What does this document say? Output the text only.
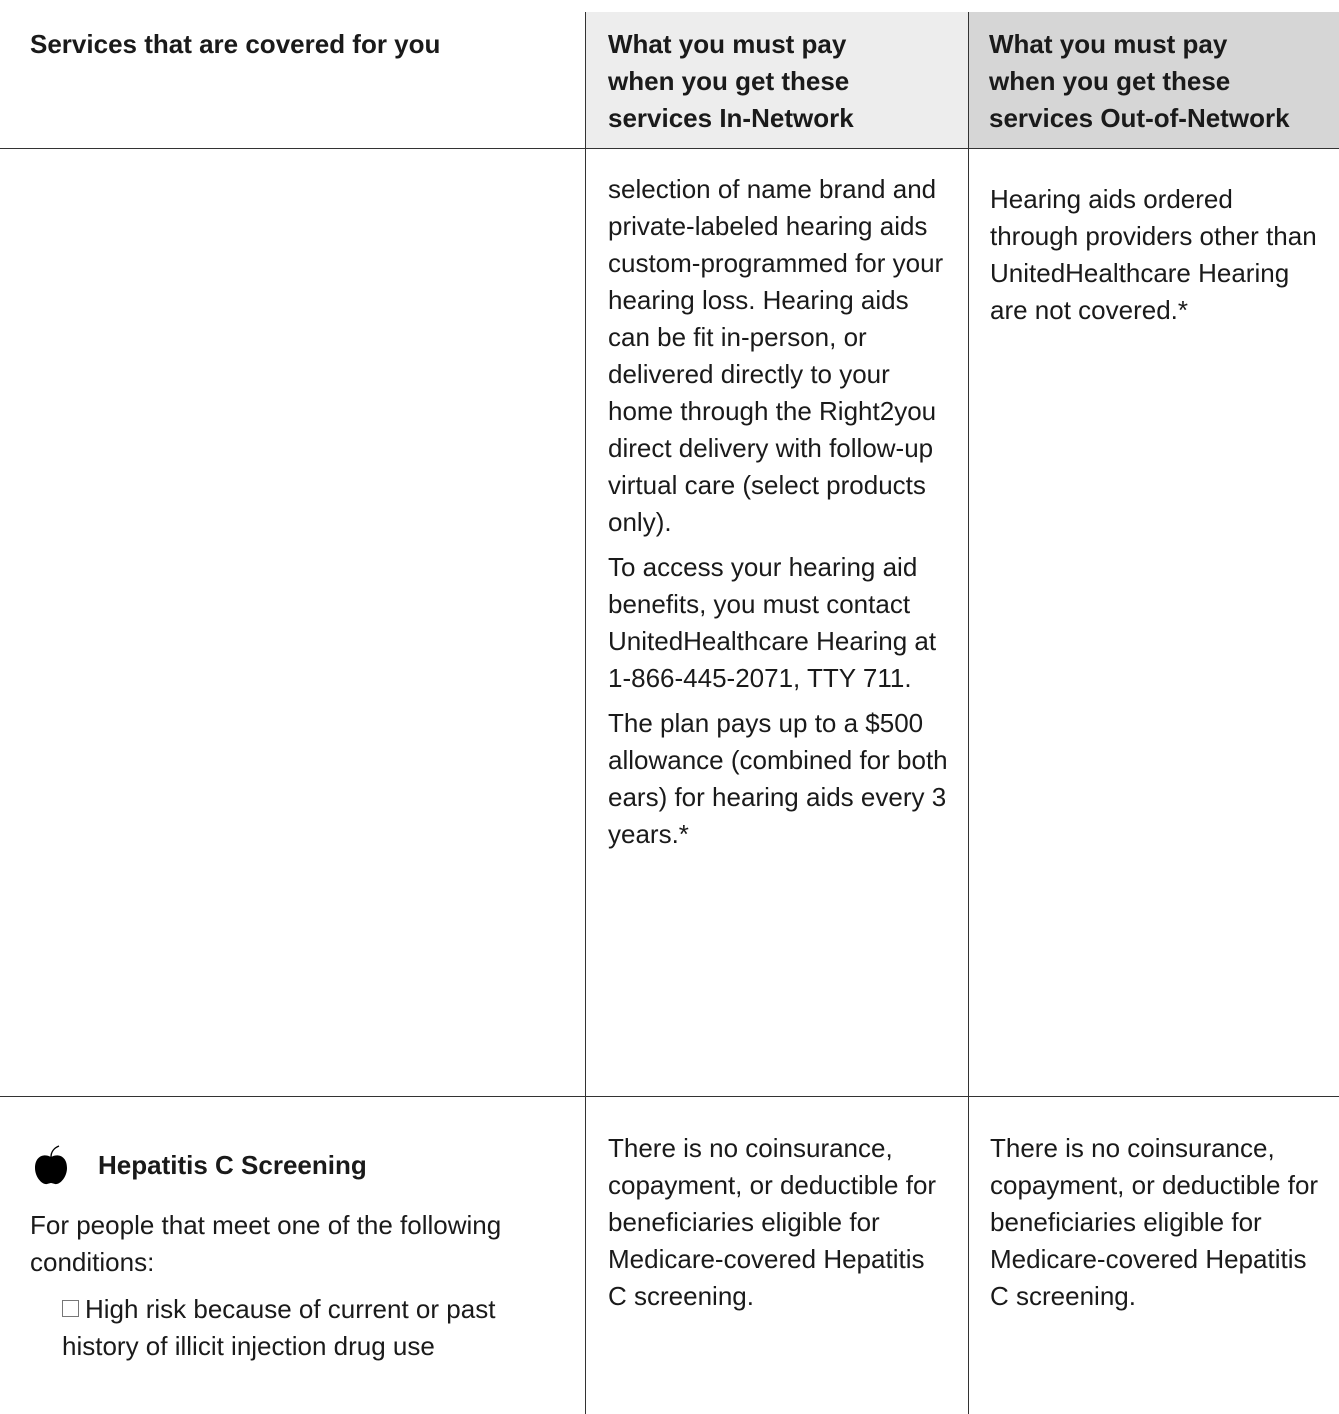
Services that are covered for you	What you must pay
when you get these
services In-Network
What you must pay
when you get these
services Out-of-Network

selection of name brand and private-labeled hearing aids custom-programmed for your hearing loss. Hearing aids can be fit in-person, or delivered directly to your home through the Right2you direct delivery with follow-up virtual care (select products only).

To access your hearing aid benefits, you must contact UnitedHealthcare Hearing at 1-866-445-2071, TTY 711.

The plan pays up to a $500 allowance (combined for both ears) for hearing aids every 3 years.*

Hearing aids ordered through providers other than UnitedHealthcare Hearing are not covered.*

Hepatitis C Screening
For people that meet one of the following conditions:
High risk because of current or past history of illicit injection drug use

There is no coinsurance, copayment, or deductible for beneficiaries eligible for Medicare-covered Hepatitis C screening.

There is no coinsurance, copayment, or deductible for beneficiaries eligible for Medicare-covered Hepatitis C screening.
